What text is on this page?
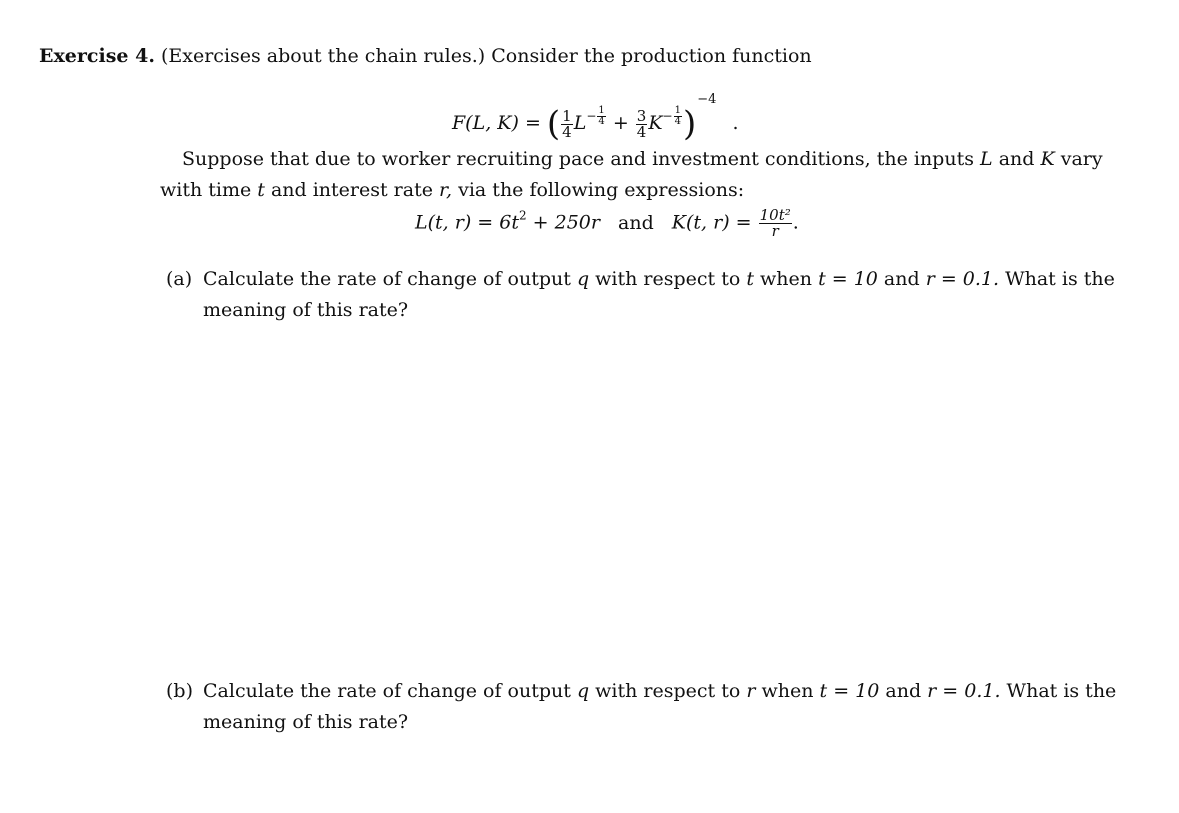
Exercise 4. (Exercises about the chain rules.) Consider the production function
F(L, K) = ( $\frac{1}{4} L^{- \frac{1}{4}} + \frac{3}{4} K^{- \frac{1}{4}}$ )$^{-4}$ .
Suppose that due to worker recruiting pace and investment conditions, the inputs L and K vary with time t and interest rate r, via the following expressions:
L(t, $r) = 6t^2 + 250r$ and K(t, $r) = \frac{\text{10t²}}{r}$ .
(a) Calculate the rate of change of output q with respect to t when t = 10 and r = 0.1. What is the meaning of this rate?
(b) Calculate the rate of change of output q with respect to r when t = 10 and r = 0.1. What is the meaning of this rate?
